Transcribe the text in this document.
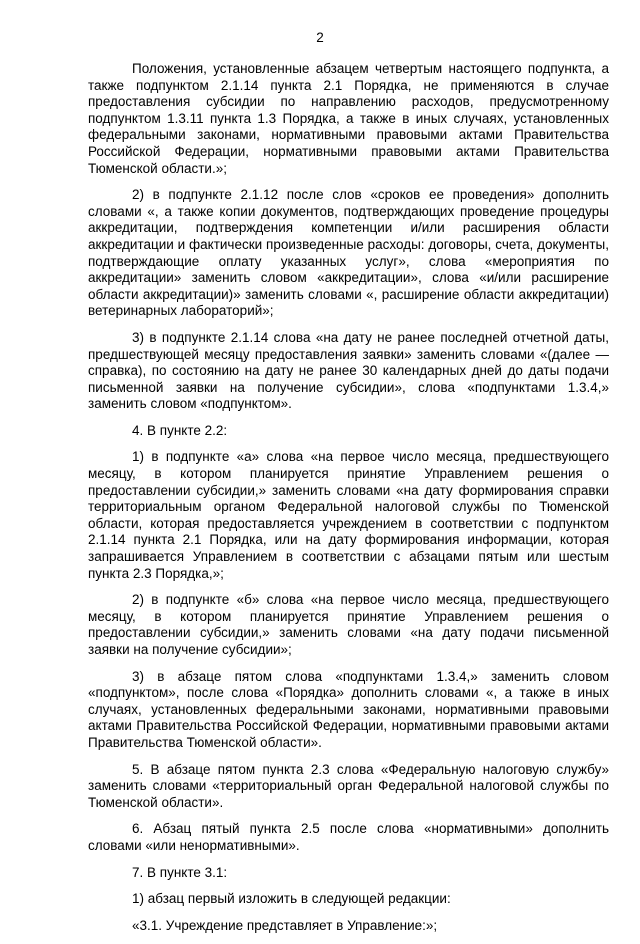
2

Положения, установленные абзацем четвертым настоящего подпункта, а также подпунктом 2.1.14 пункта 2.1 Порядка, не применяются в случае предоставления субсидии по направлению расходов, предусмотренному подпунктом 1.3.11 пункта 1.3 Порядка, а также в иных случаях, установленных федеральными законами, нормативными правовыми актами Правительства Российской Федерации, нормативными правовыми актами Правительства Тюменской области.»;

2) в подпункте 2.1.12 после слов «сроков ее проведения» дополнить словами «, а также копии документов, подтверждающих проведение процедуры аккредитации, подтверждения компетенции и/или расширения области аккредитации и фактически произведенные расходы: договоры, счета, документы, подтверждающие оплату указанных услуг», слова «мероприятия по аккредитации» заменить словом «аккредитации», слова «и/или расширение области аккредитации)» заменить словами «, расширение области аккредитации) ветеринарных лабораторий»;

3) в подпункте 2.1.14 слова «на дату не ранее последней отчетной даты, предшествующей месяцу предоставления заявки» заменить словами «(далее — справка), по состоянию на дату не ранее 30 календарных дней до даты подачи письменной заявки на получение субсидии», слова «подпунктами 1.3.4,» заменить словом «подпунктом».

4. В пункте 2.2:

1) в подпункте «а» слова «на первое число месяца, предшествующего месяцу, в котором планируется принятие Управлением решения о предоставлении субсидии,» заменить словами «на дату формирования справки территориальным органом Федеральной налоговой службы по Тюменской области, которая предоставляется учреждением в соответствии с подпунктом 2.1.14 пункта 2.1 Порядка, или на дату формирования информации, которая запрашивается Управлением в соответствии с абзацами пятым или шестым пункта 2.3 Порядка,»;

2) в подпункте «б» слова «на первое число месяца, предшествующего месяцу, в котором планируется принятие Управлением решения о предоставлении субсидии,» заменить словами «на дату подачи письменной заявки на получение субсидии»;

3) в абзаце пятом слова «подпунктами 1.3.4,» заменить словом «подпунктом», после слова «Порядка» дополнить словами «, а также в иных случаях, установленных федеральными законами, нормативными правовыми актами Правительства Российской Федерации, нормативными правовыми актами Правительства Тюменской области».

5. В абзаце пятом пункта 2.3 слова «Федеральную налоговую службу» заменить словами «территориальный орган Федеральной налоговой службы по Тюменской области».

6. Абзац пятый пункта 2.5 после слова «нормативными» дополнить словами «или ненормативными».

7. В пункте 3.1:

1) абзац первый изложить в следующей редакции:

«3.1. Учреждение представляет в Управление:»;
